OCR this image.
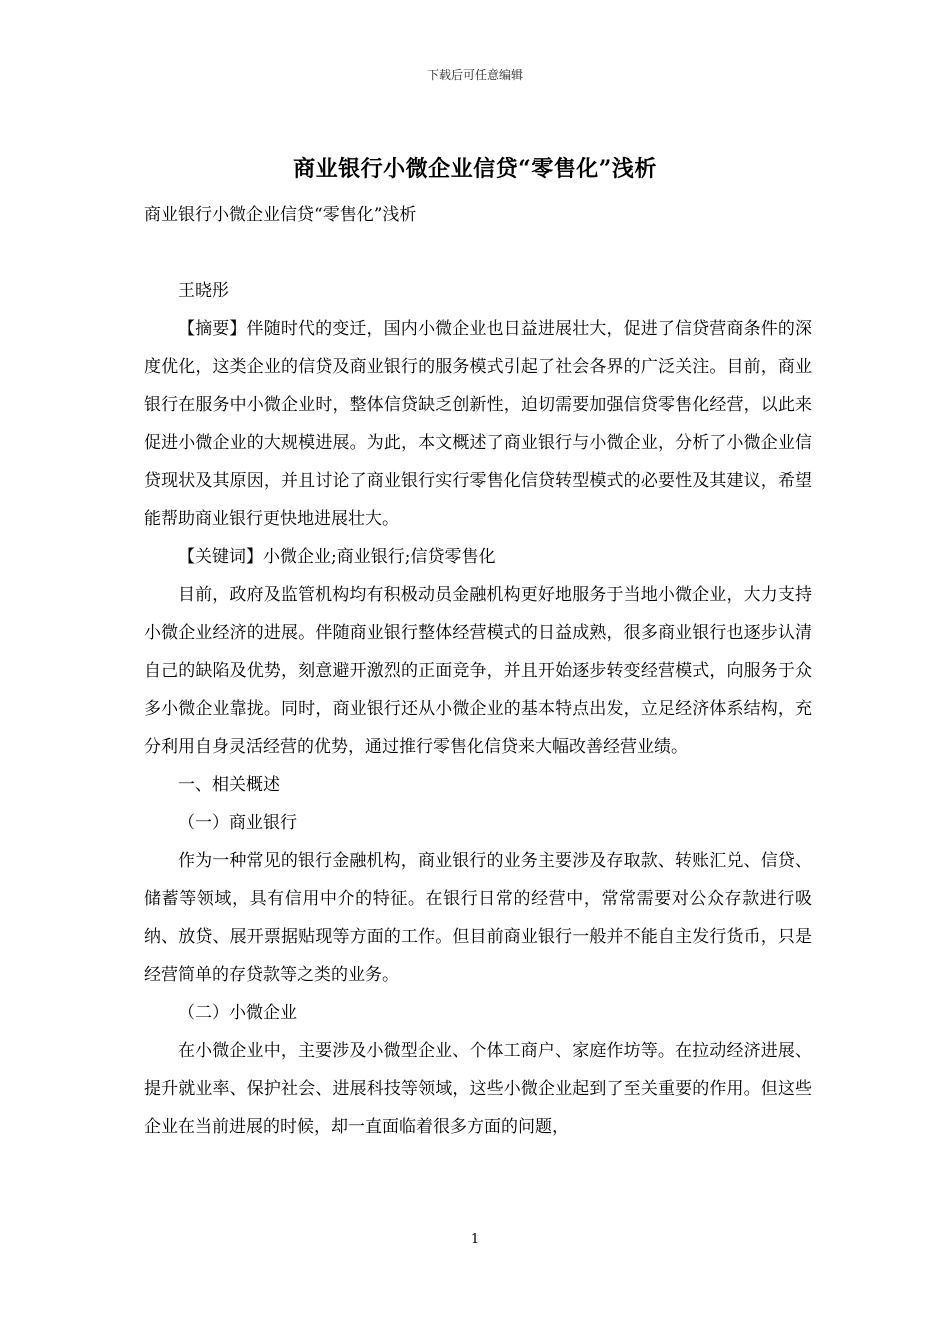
下载后可任意编辑
商业银行小微企业信贷“零售化”浅析

商业银行小微企业信贷“零售化”浅析

王晓彤

【摘要】伴随时代的变迁，国内小微企业也日益进展壮大，促进了信贷营商条件的深度优化，这类企业的信贷及商业银行的服务模式引起了社会各界的广泛关注。目前，商业银行在服务中小微企业时，整体信贷缺乏创新性，迫切需要加强信贷零售化经营，以此来促进小微企业的大规模进展。为此，本文概述了商业银行与小微企业，分析了小微企业信贷现状及其原因，并且讨论了商业银行实行零售化信贷转型模式的必要性及其建议，希望能帮助商业银行更快地进展壮大。

【关键词】小微企业;商业银行;信贷零售化

目前，政府及监管机构均有积极动员金融机构更好地服务于当地小微企业，大力支持小微企业经济的进展。伴随商业银行整体经营模式的日益成熟，很多商业银行也逐步认清自己的缺陷及优势，刻意避开激烈的正面竞争，并且开始逐步转变经营模式，向服务于众多小微企业靠拢。同时，商业银行还从小微企业的基本特点出发，立足经济体系结构，充分利用自身灵活经营的优势，通过推行零售化信贷来大幅改善经营业绩。

一、相关概述

（一）商业银行

作为一种常见的银行金融机构，商业银行的业务主要涉及存取款、转账汇兑、信贷、储蓄等领域，具有信用中介的特征。在银行日常的经营中，常常需要对公众存款进行吸纳、放贷、展开票据贴现等方面的工作。但目前商业银行一般并不能自主发行货币，只是经营简单的存贷款等之类的业务。

（二）小微企业

在小微企业中，主要涉及小微型企业、个体工商户、家庭作坊等。在拉动经济进展、提升就业率、保护社会、进展科技等领域，这些小微企业起到了至关重要的作用。但这些企业在当前进展的时候，却一直面临着很多方面的问题，

1
